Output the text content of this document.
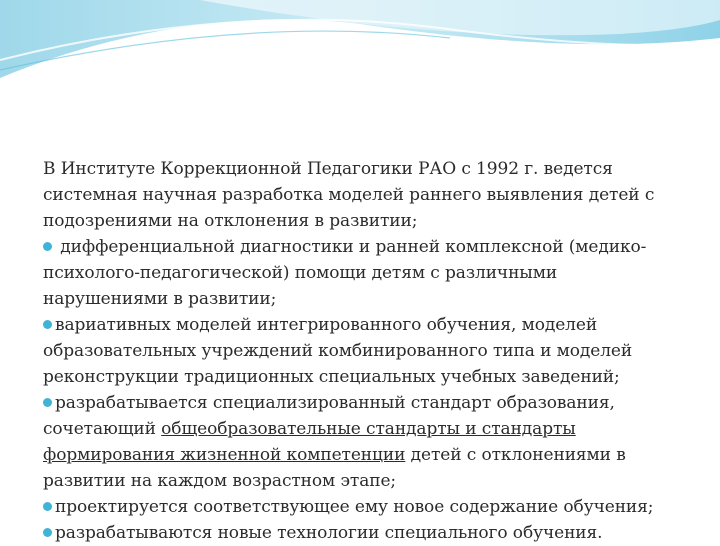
В Институте Коррекционной Педагогики РАО с 1992 г. ведется системная научная разработка моделей раннего выявления детей с подозрениями на отклонения в развитии;

дифференциальной диагностики и ранней комплексной (медико-психолого-педагогической) помощи детям с различными нарушениями в развитии;

вариативных моделей интегрированного обучения, моделей образовательных учреждений комбинированного типа и моделей реконструкции традиционных специальных учебных заведений;

разрабатывается специализированный стандарт образования, сочетающий общеобразовательные стандарты и стандарты формирования жизненной компетенции детей с отклонениями в развитии на каждом возрастном этапе;

проектируется соответствующее ему новое содержание обучения;

разрабатываются новые технологии специального обучения.
